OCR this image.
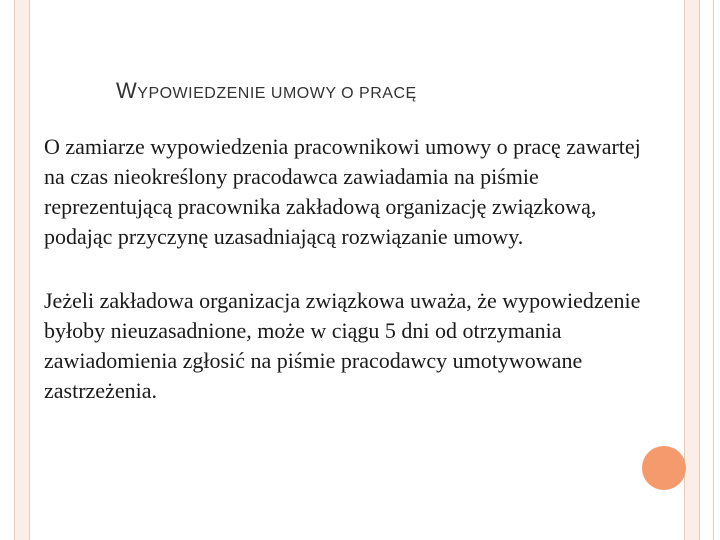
WYPOWIEDZENIE UMOWY O PRACĘ

O zamiarze wypowiedzenia pracownikowi umowy o pracę zawartej na czas nieokreślony pracodawca zawiadamia na piśmie reprezentującą pracownika zakładową organizację związkową, podając przyczynę uzasadniającą rozwiązanie umowy.

Jeżeli zakładowa organizacja związkowa uważa, że wypowiedzenie byłoby nieuzasadnione, może w ciągu 5 dni od otrzymania zawiadomienia zgłosić na piśmie pracodawcy umotywowane zastrzeżenia.
